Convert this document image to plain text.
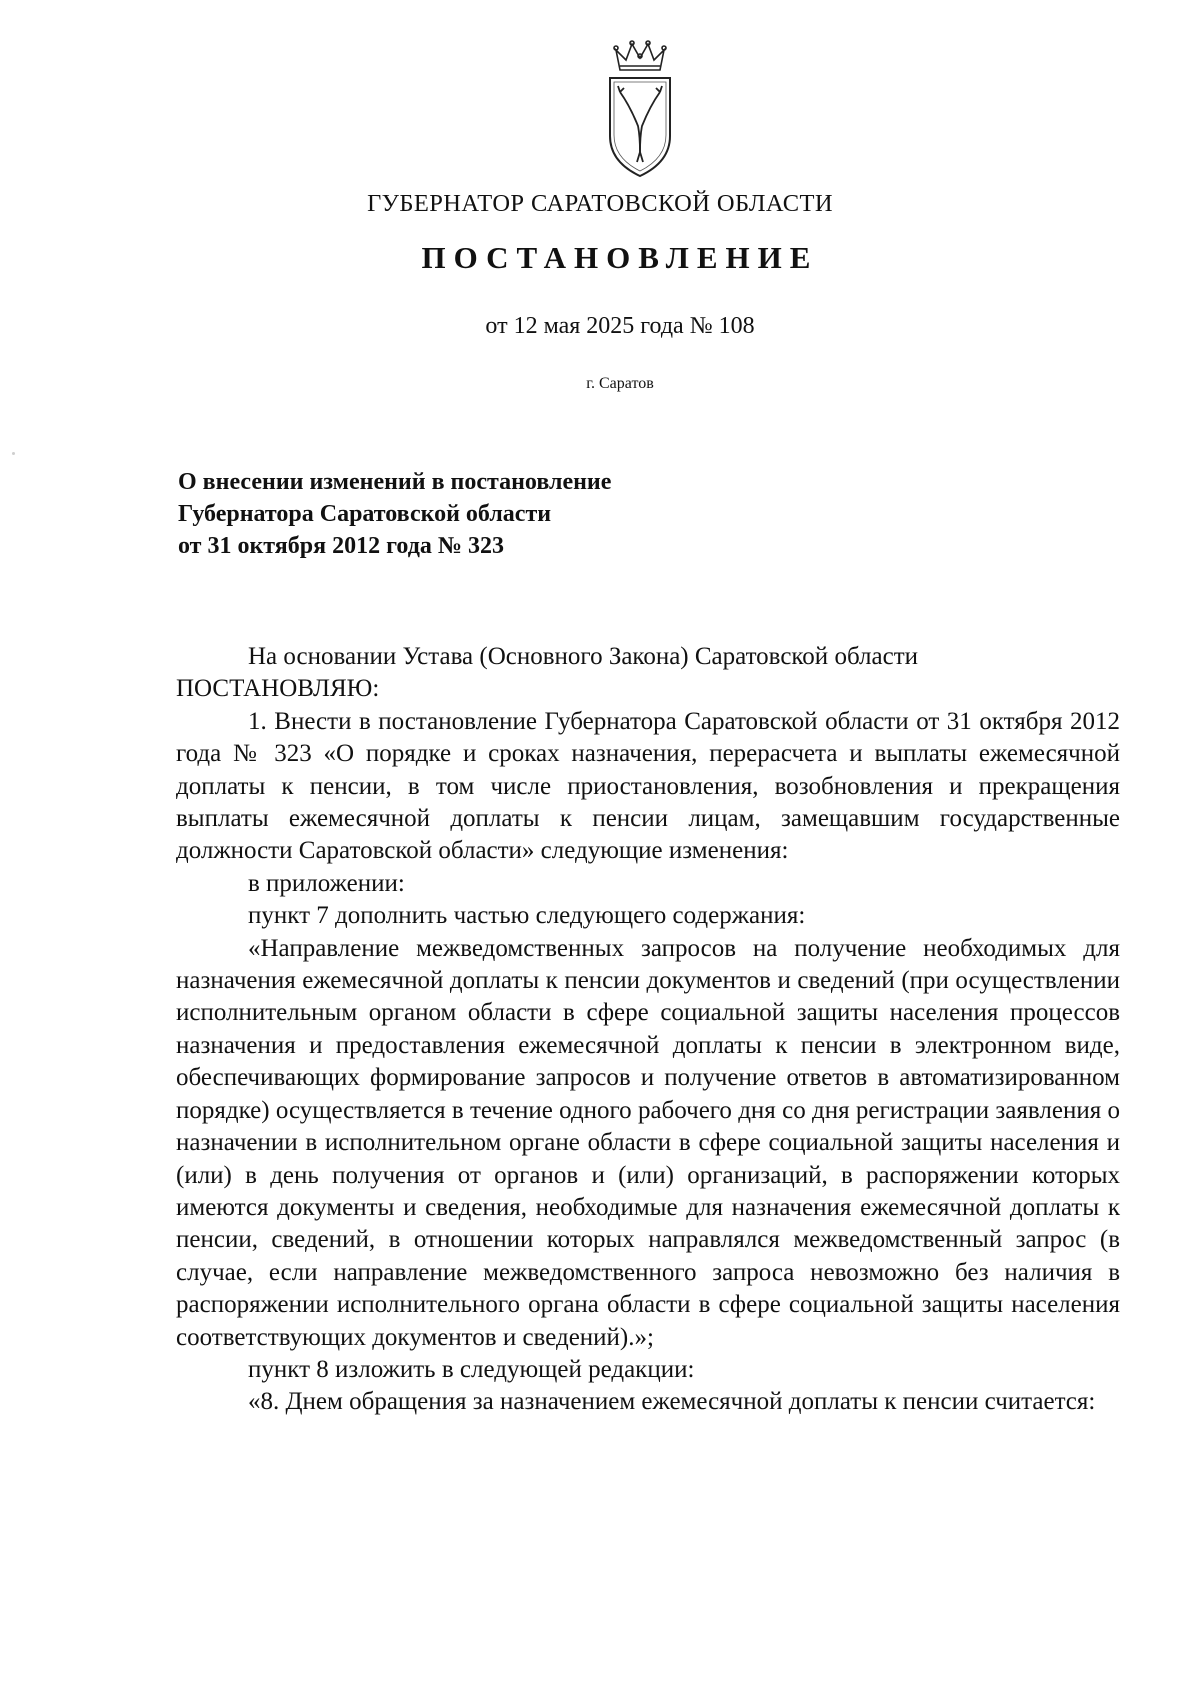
ГУБЕРНАТОР САРАТОВСКОЙ ОБЛАСТИ
ПОСТАНОВЛЕНИЕ
от 12 мая 2025 года № 108
г. Саратов
О внесении изменений в постановление
Губернатора Саратовской области
от 31 октября 2012 года № 323

На основании Устава (Основного Закона) Саратовской области

ПОСТАНОВЛЯЮ:

1. Внести в постановление Губернатора Саратовской области от 31 октября 2012 года № 323 «О порядке и сроках назначения, перерасчета и выплаты ежемесячной доплаты к пенсии, в том числе приостановления, возобновления и прекращения выплаты ежемесячной доплаты к пенсии лицам, замещавшим государственные должности Саратовской области» следующие изменения:

в приложении:

пункт 7 дополнить частью следующего содержания:

«Направление межведомственных запросов на получение необходимых для назначения ежемесячной доплаты к пенсии документов и сведений (при осуществлении исполнительным органом области в сфере социальной защиты населения процессов назначения и предоставления ежемесячной доплаты к пенсии в электронном виде, обеспечивающих формирование запросов и получение ответов в автоматизированном порядке) осуществляется в течение одного рабочего дня со дня регистрации заявления о назначении в исполнительном органе области в сфере социальной защиты населения и (или) в день получения от органов и (или) организаций, в распоряжении которых имеются документы и сведения, необходимые для назначения ежемесячной доплаты к пенсии, сведений, в отношении которых направлялся межведомственный запрос (в случае, если направление межведомственного запроса невозможно без наличия в распоряжении исполнительного органа области в сфере социальной защиты населения соответствующих документов и сведений).»;

пункт 8 изложить в следующей редакции:

«8. Днем обращения за назначением ежемесячной доплаты к пенсии считается:
